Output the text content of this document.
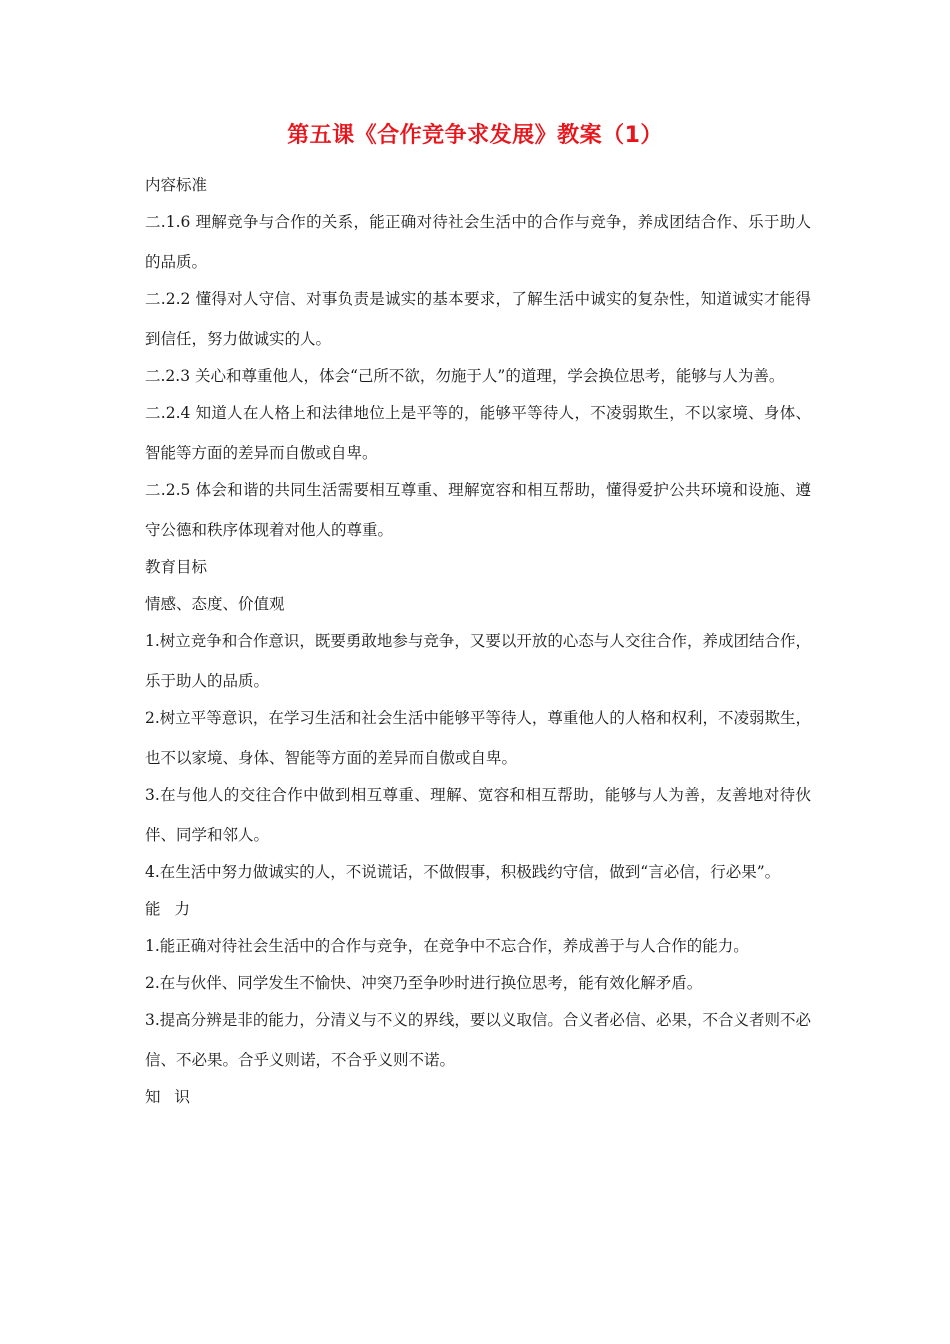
第五课《合作竞争求发展》教案（1）

内容标准

二.1.6 理解竞争与合作的关系，能正确对待社会生活中的合作与竞争，养成团结合作、乐于助人的品质。

二.2.2 懂得对人守信、对事负责是诚实的基本要求，了解生活中诚实的复杂性，知道诚实才能得到信任，努力做诚实的人。

二.2.3 关心和尊重他人，体会“己所不欲，勿施于人”的道理，学会换位思考，能够与人为善。

二.2.4 知道人在人格上和法律地位上是平等的，能够平等待人，不凌弱欺生，不以家境、身体、智能等方面的差异而自傲或自卑。

二.2.5 体会和谐的共同生活需要相互尊重、理解宽容和相互帮助，懂得爱护公共环境和设施、遵守公德和秩序体现着对他人的尊重。

教育目标

情感、态度、价值观

1.树立竞争和合作意识，既要勇敢地参与竞争，又要以开放的心态与人交往合作，养成团结合作，乐于助人的品质。

2.树立平等意识，在学习生活和社会生活中能够平等待人，尊重他人的人格和权利，不凌弱欺生，也不以家境、身体、智能等方面的差异而自傲或自卑。

3.在与他人的交往合作中做到相互尊重、理解、宽容和相互帮助，能够与人为善，友善地对待伙伴、同学和邻人。

4.在生活中努力做诚实的人，不说谎话，不做假事，积极践约守信，做到“言必信，行必果”。

能力

1.能正确对待社会生活中的合作与竞争，在竞争中不忘合作，养成善于与人合作的能力。

2.在与伙伴、同学发生不愉快、冲突乃至争吵时进行换位思考，能有效化解矛盾。

3.提高分辨是非的能力，分清义与不义的界线，要以义取信。合义者必信、必果，不合义者则不必信、不必果。合乎义则诺，不合乎义则不诺。

知识
